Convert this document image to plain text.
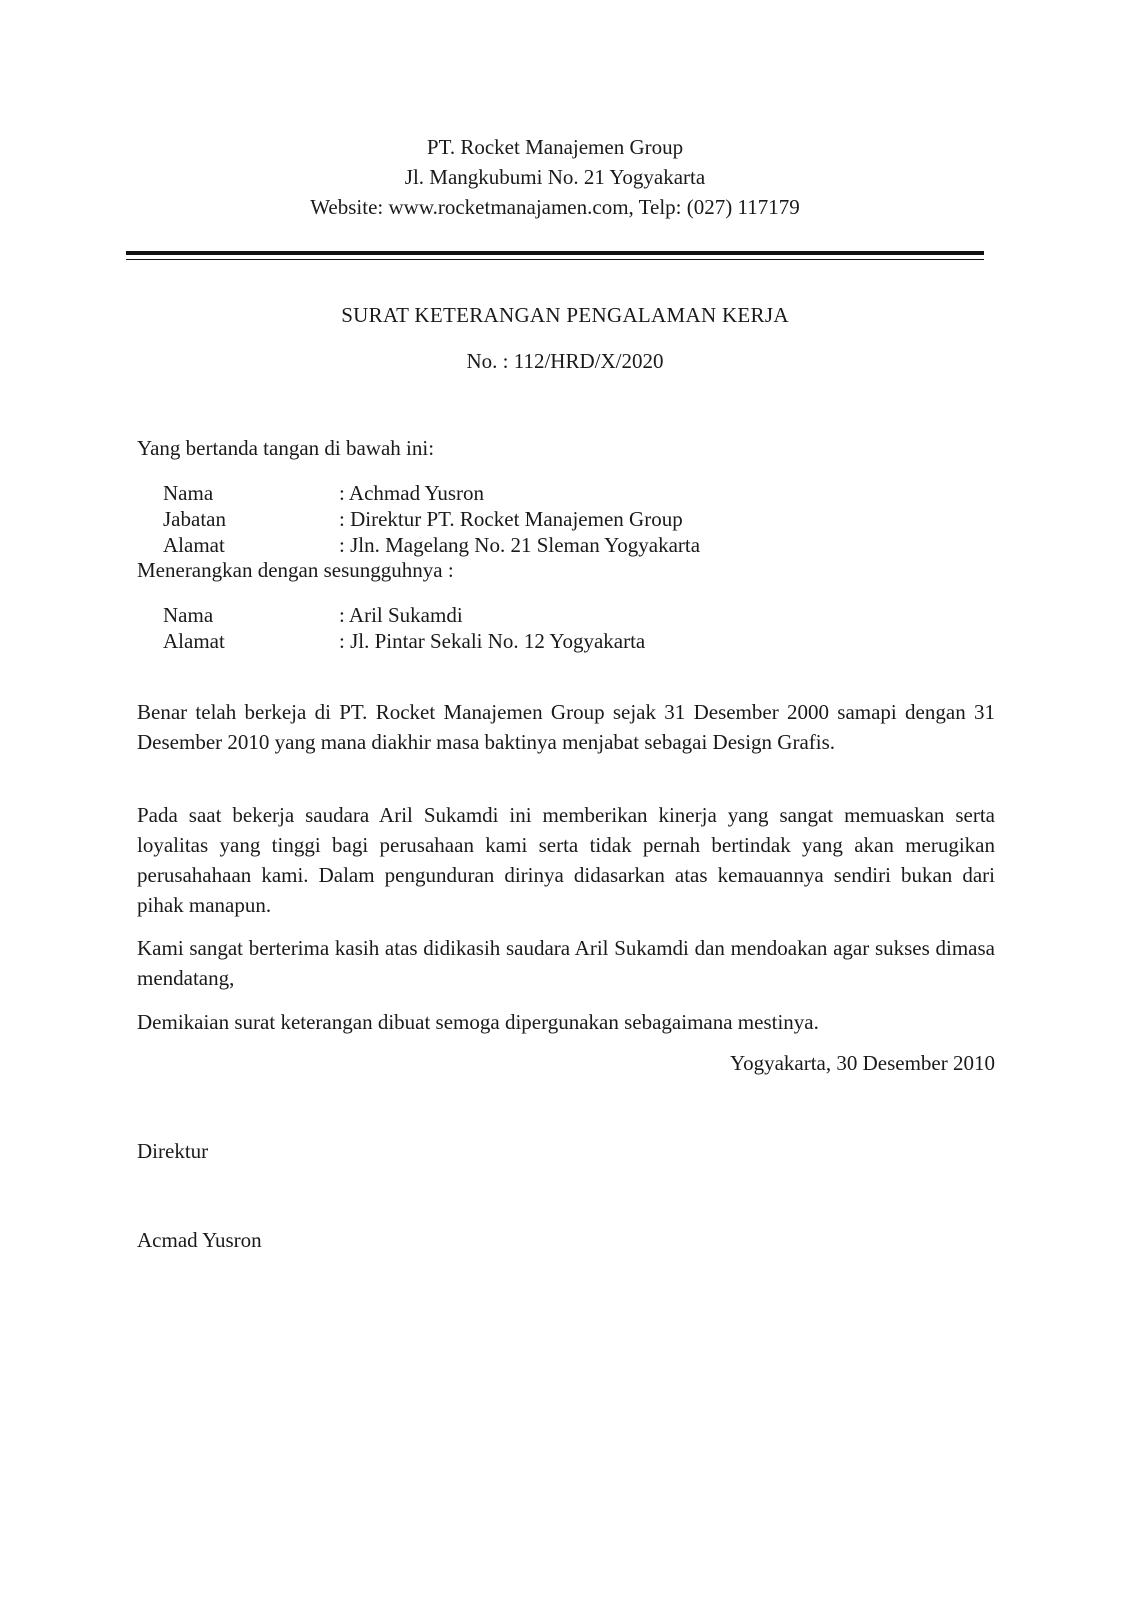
PT. Rocket Manajemen Group
Jl. Mangkubumi No. 21 Yogyakarta
Website: www.rocketmanajamen.com, Telp: (027) 117179
SURAT KETERANGAN PENGALAMAN KERJA
No. : 112/HRD/X/2020
Yang bertanda tangan di bawah ini:
Nama	: Achmad Yusron
Jabatan	: Direktur PT. Rocket Manajemen Group
Alamat	: Jln. Magelang No. 21 Sleman Yogyakarta
Menerangkan dengan sesungguhnya :
Nama	: Aril Sukamdi
Alamat	: Jl. Pintar Sekali No. 12 Yogyakarta
Benar telah berkeja di PT. Rocket Manajemen Group sejak 31 Desember 2000 samapi dengan 31 Desember 2010 yang mana diakhir masa baktinya menjabat sebagai Design Grafis.
Pada saat bekerja saudara Aril Sukamdi ini memberikan kinerja yang sangat memuaskan serta loyalitas yang tinggi bagi perusahaan kami serta tidak pernah bertindak yang akan merugikan perusahahaan kami. Dalam pengunduran dirinya didasarkan atas kemauannya sendiri bukan dari pihak manapun.
Kami sangat berterima kasih atas didikasih saudara Aril Sukamdi dan mendoakan agar sukses dimasa mendatang,
Demikaian surat keterangan dibuat semoga dipergunakan sebagaimana mestinya.
Yogyakarta, 30 Desember 2010
Direktur
Acmad Yusron
